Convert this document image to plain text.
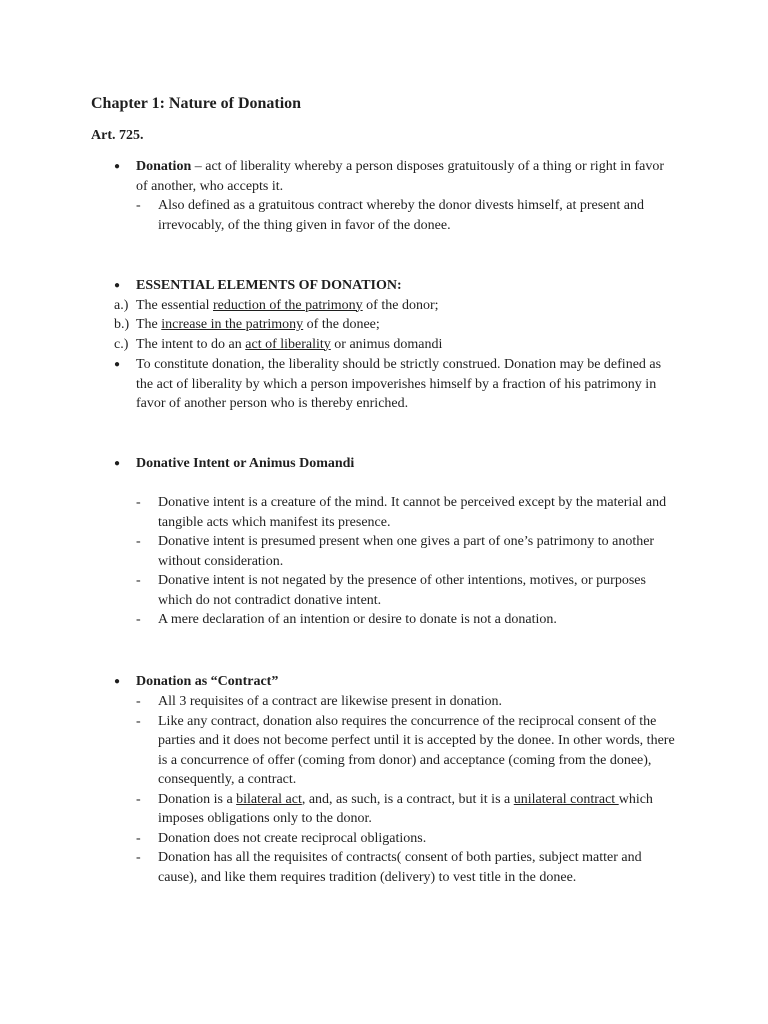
Chapter 1: Nature of Donation
Art. 725.
●	Donation – act of liberality whereby a person disposes gratuitously of a thing or right in favor of another, who accepts it.
- Also defined as a gratuitous contract whereby the donor divests himself, at present and irrevocably, of the thing given in favor of the donee.
●	ESSENTIAL ELEMENTS OF DONATION:
a.) The essential reduction of the patrimony of the donor;
b.) The increase in the patrimony of the donee;
c.) The intent to do an act of liberality or animus domandi
●	To constitute donation, the liberality should be strictly construed. Donation may be defined as the act of liberality by which a person impoverishes himself by a fraction of his patrimony in favor of another person who is thereby enriched.
●	Donative Intent or Animus Domandi
- Donative intent is a creature of the mind. It cannot be perceived except by the material and tangible acts which manifest its presence.
- Donative intent is presumed present when one gives a part of one’s patrimony to another without consideration.
- Donative intent is not negated by the presence of other intentions, motives, or purposes which do not contradict donative intent.
- A mere declaration of an intention or desire to donate is not a donation.
●	Donation as “Contract”
- All 3 requisites of a contract are likewise present in donation.
- Like any contract, donation also requires the concurrence of the reciprocal consent of the parties and it does not become perfect until it is accepted by the donee. In other words, there is a concurrence of offer (coming from donor) and acceptance (coming from the donee), consequently, a contract.
- Donation is a bilateral act, and, as such, is a contract, but it is a unilateral contract which imposes obligations only to the donor.
- Donation does not create reciprocal obligations.
- Donation has all the requisites of contracts( consent of both parties, subject matter and cause), and like them requires tradition (delivery) to vest title in the donee.
